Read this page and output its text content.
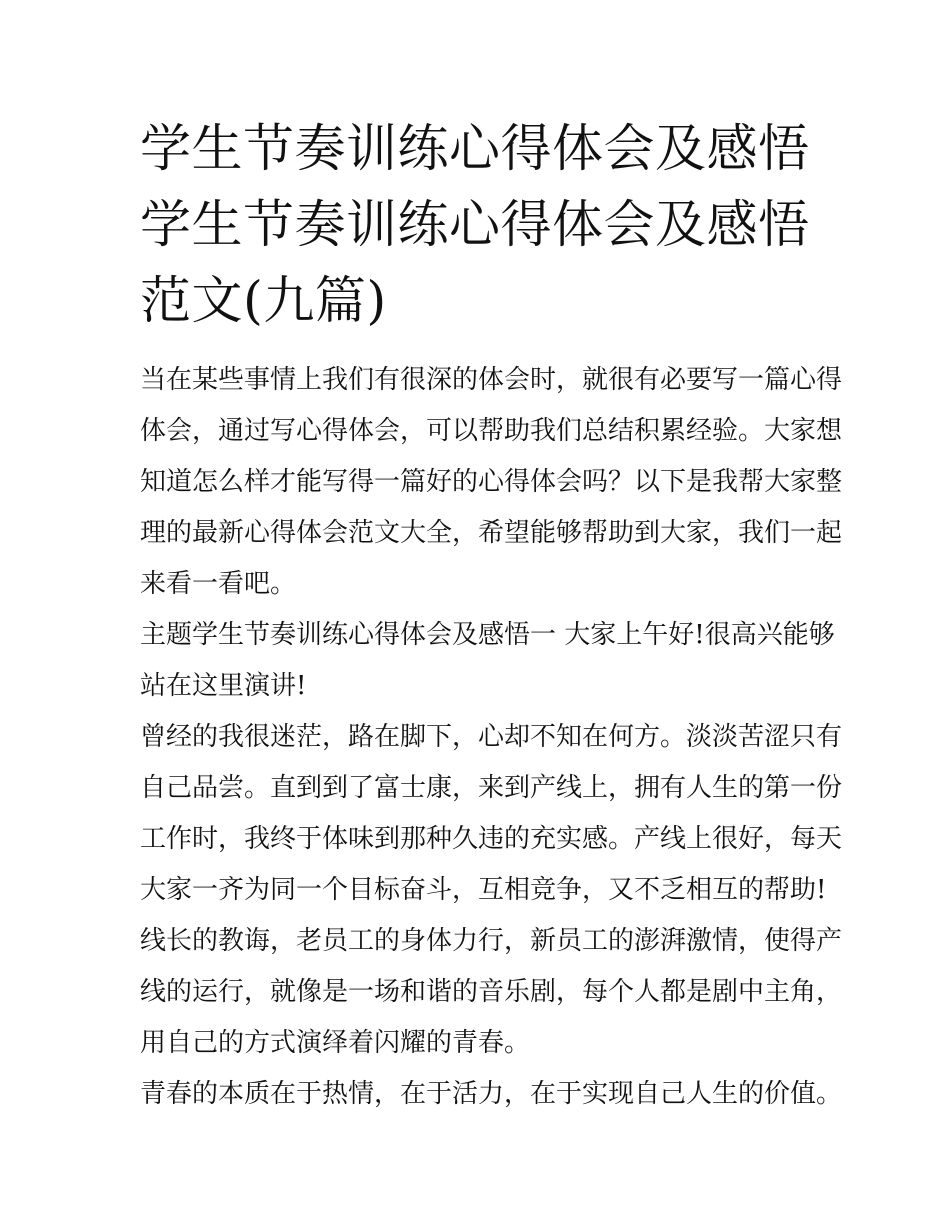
学生节奏训练心得体会及感悟
学生节奏训练心得体会及感悟
范文(九篇)
当在某些事情上我们有很深的体会时，就很有必要写一篇心得
体会，通过写心得体会，可以帮助我们总结积累经验。大家想
知道怎么样才能写得一篇好的心得体会吗？以下是我帮大家整
理的最新心得体会范文大全，希望能够帮助到大家，我们一起
来看一看吧。
主题学生节奏训练心得体会及感悟一 大家上午好!很高兴能够
站在这里演讲!
曾经的我很迷茫，路在脚下，心却不知在何方。淡淡苦涩只有
自己品尝。直到到了富士康，来到产线上，拥有人生的第一份
工作时，我终于体味到那种久违的充实感。产线上很好，每天
大家一齐为同一个目标奋斗，互相竞争，又不乏相互的帮助!
线长的教诲，老员工的身体力行，新员工的澎湃激情，使得产
线的运行，就像是一场和谐的音乐剧，每个人都是剧中主角，
用自己的方式演绎着闪耀的青春。
青春的本质在于热情，在于活力，在于实现自己人生的价值。
